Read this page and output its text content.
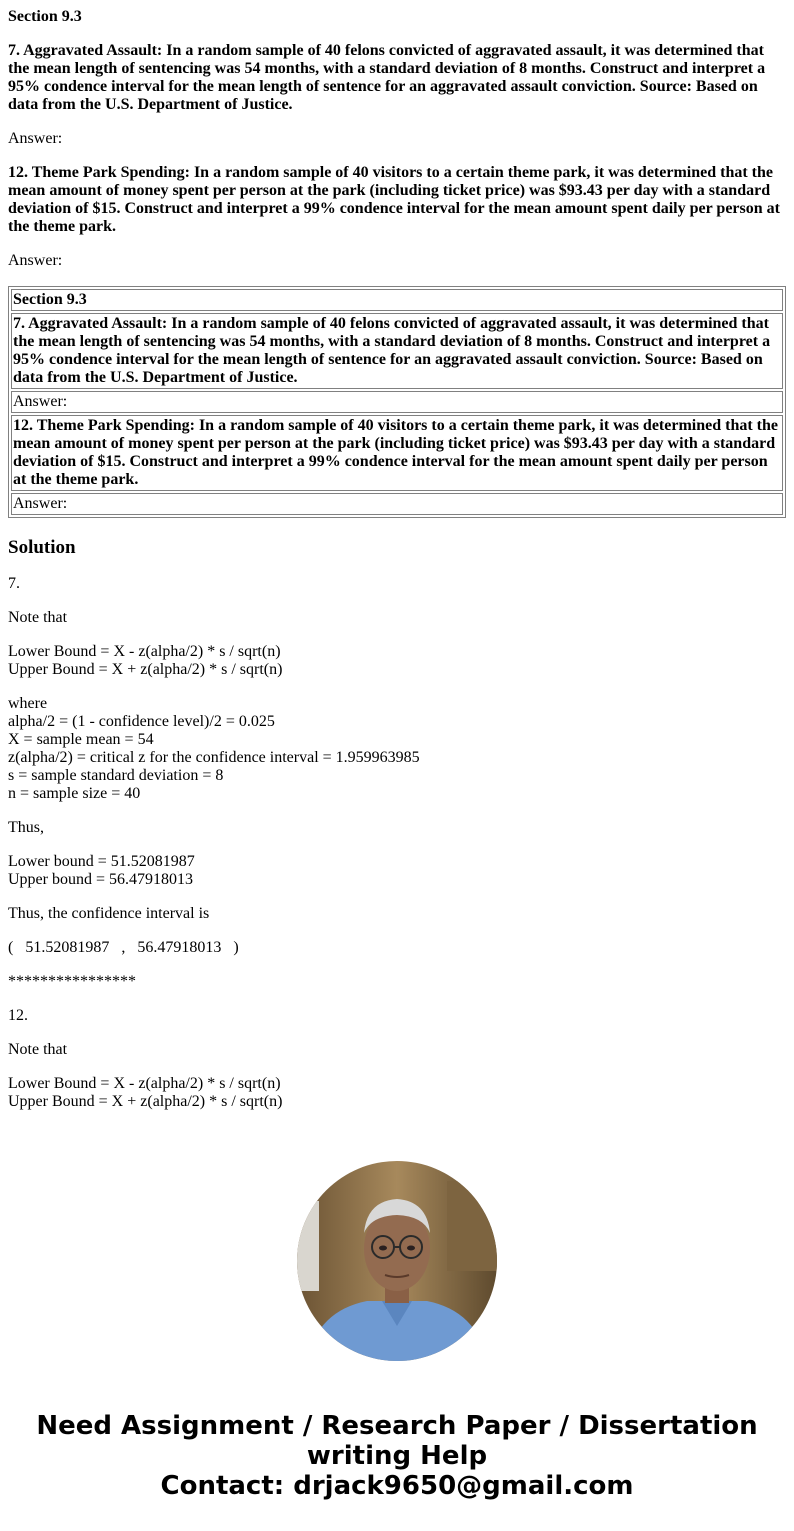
Section 9.3

7. Aggravated Assault: In a random sample of 40 felons convicted of aggravated assault, it was determined that the mean length of sentencing was 54 months, with a standard deviation of 8 months. Construct and interpret a 95% condence interval for the mean length of sentence for an aggravated assault conviction. Source: Based on data from the U.S. Department of Justice.

Answer:

12. Theme Park Spending: In a random sample of 40 visitors to a certain theme park, it was determined that the mean amount of money spent per person at the park (including ticket price) was $93.43 per day with a standard deviation of $15. Construct and interpret a 99% condence interval for the mean amount spent daily per person at the theme park.

Answer:

Section 9.3
7. Aggravated Assault: In a random sample of 40 felons convicted of aggravated assault, it was determined that the mean length of sentencing was 54 months, with a standard deviation of 8 months. Construct and interpret a 95% condence interval for the mean length of sentence for an aggravated assault conviction. Source: Based on data from the U.S. Department of Justice.
Answer:
12. Theme Park Spending: In a random sample of 40 visitors to a certain theme park, it was determined that the mean amount of money spent per person at the park (including ticket price) was $93.43 per day with a standard deviation of $15. Construct and interpret a 99% condence interval for the mean amount spent daily per person at the theme park.
Answer:
Solution

7.

Note that

Lower Bound = X - z(alpha/2) * s / sqrt(n)
Upper Bound = X + z(alpha/2) * s / sqrt(n)

where
alpha/2 = (1 - confidence level)/2 = 0.025
X = sample mean = 54
z(alpha/2) = critical z for the confidence interval = 1.959963985
s = sample standard deviation = 8
n = sample size = 40

Thus,

Lower bound = 51.52081987
Upper bound = 56.47918013

Thus, the confidence interval is

(   51.52081987   ,   56.47918013   )

****************

12.

Note that

Lower Bound = X - z(alpha/2) * s / sqrt(n)
Upper Bound = X + z(alpha/2) * s / sqrt(n)

Need Assignment / Research Paper / Dissertation
writing Help
Contact: drjack9650@gmail.com
